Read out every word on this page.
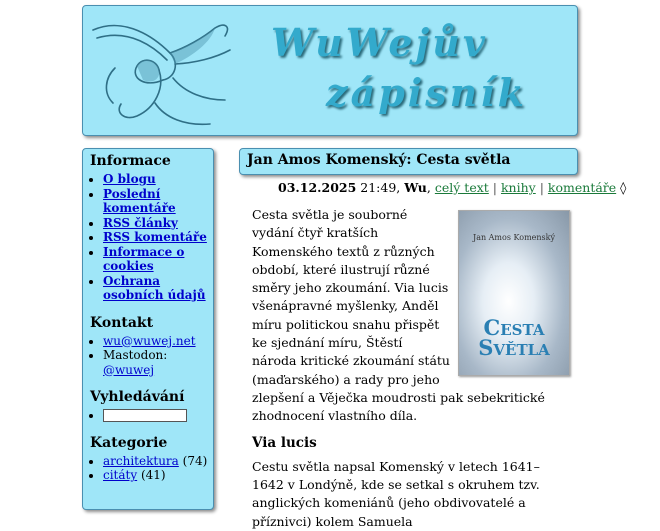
WuWejův
zápisník
Informace
• O blogu
• Poslední komentáře
• RSS články
• RSS komentáře
• Informace o cookies
• Ochrana osobních údajů
Kontakt
• wu@wuwej.net
• Mastodon:
@wuwej
Vyhledávání
•
Kategorie
• architektura (74)
• citáty (41)
Jan Amos Komenský: Cesta světla
03.12.2025 21:49, Wu, celý text | knihy | komentáře ◊
Jan Amos Komenský
Cesta
Světla

Cesta světla je souborné vydání čtyř kratších Komenského textů z různých období, které ilustrují různé směry jeho zkoumání. Via lucis všenápravné myšlenky, Anděl míru politickou snahu přispět ke sjednání míru, Štěstí národa kritické zkoumání státu (maďarského) a rady pro jeho zlepšení a Věječka moudrosti pak sebekritické zhodnocení vlastního díla.

Via lucis

Cestu světla napsal Komenský v letech 1641–1642 v Londýně, kde se setkal s okruhem tzv. anglických komeniánů (jeho obdivovatelé a příznivci) kolem Samuela
